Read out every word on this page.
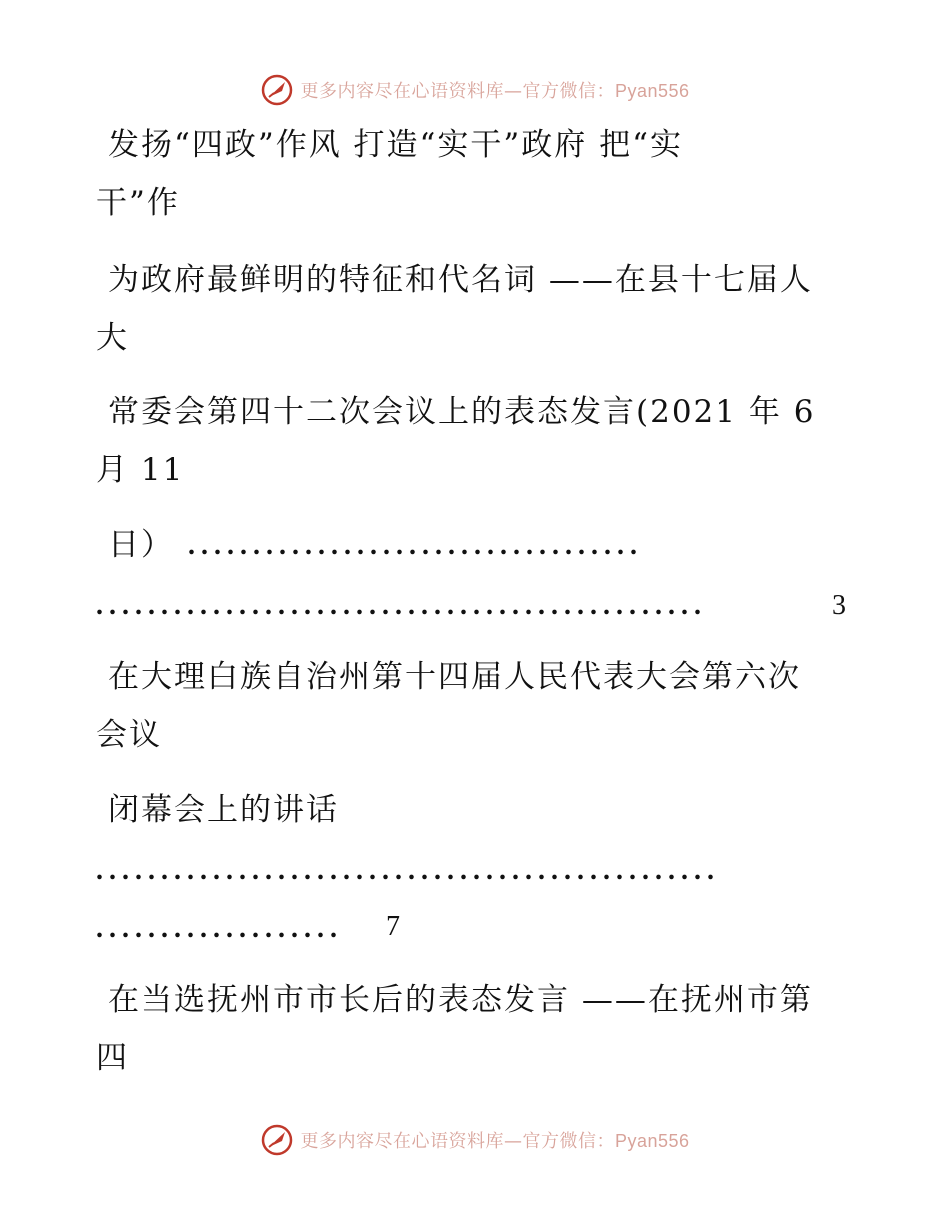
更多内容尽在心语资料库—官方微信：Pyan556
发扬“四政”作风 打造“实干”政府 把“实
干”作
为政府最鲜明的特征和代名词 ——在县十七届人
大
常委会第四十二次会议上的表态发言(2021 年 6
月 11
日） ...................................
...............................................	3
在大理白族自治州第十四届人民代表大会第六次
会议
闭幕会上的讲话
................................................
................... 7
在当选抚州市市长后的表态发言 ——在抚州市第
四
更多内容尽在心语资料库—官方微信：Pyan556
